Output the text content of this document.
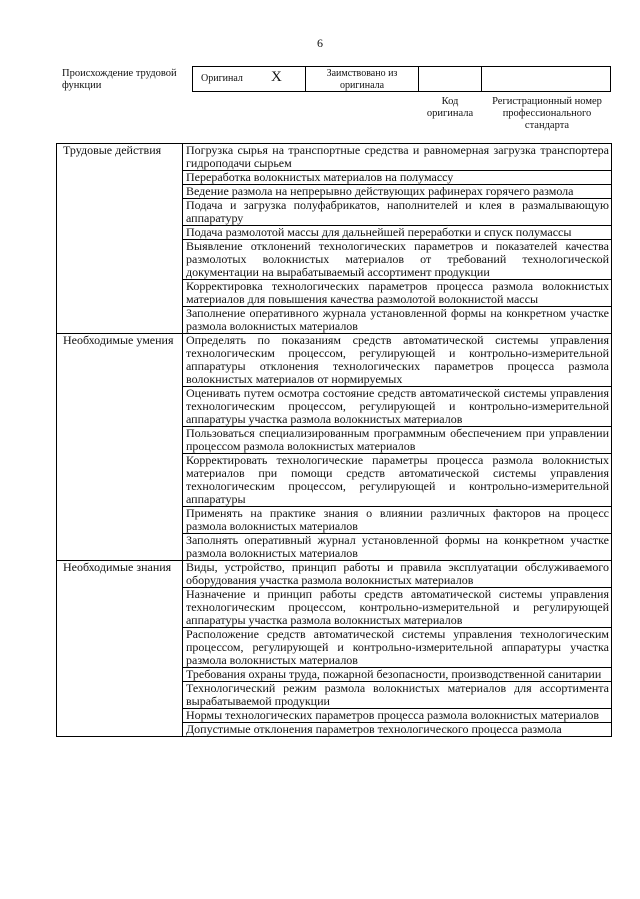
6
Происхождение трудовой функции
Оригинал X	Заимствовано из оригинала
Код оригинала
Регистрационный номер профессионального стандарта
Трудовые действия	Погрузка сырья на транспортные средства и равномерная загрузка транспортера гидроподачи сырьем
	Переработка волокнистых материалов на полумассу
	Ведение размола на непрерывно действующих рафинерах горячего размола
	Подача и загрузка полуфабрикатов, наполнителей и клея в размалывающую аппаратуру
	Подача размолотой массы для дальнейшей переработки и спуск полумассы
	Выявление отклонений технологических параметров и показателей качества размолотых волокнистых материалов от требований технологической документации на вырабатываемый ассортимент продукции
	Корректировка технологических параметров процесса размола волокнистых материалов для повышения качества размолотой волокнистой массы
	Заполнение оперативного журнала установленной формы на конкретном участке размола волокнистых материалов
Необходимые умения	Определять по показаниям средств автоматической системы управления технологическим процессом, регулирующей и контрольно-измерительной аппаратуры отклонения технологических параметров процесса размола волокнистых материалов от нормируемых
	Оценивать путем осмотра состояние средств автоматической системы управления технологическим процессом, регулирующей и контрольно-измерительной аппаратуры участка размола волокнистых материалов
	Пользоваться специализированным программным обеспечением при управлении процессом размола волокнистых материалов
	Корректировать технологические параметры процесса размола волокнистых материалов при помощи средств автоматической системы управления технологическим процессом, регулирующей и контрольно-измерительной аппаратуры
	Применять на практике знания о влиянии различных факторов на процесс размола волокнистых материалов
	Заполнять оперативный журнал установленной формы на конкретном участке размола волокнистых материалов
Необходимые знания	Виды, устройство, принцип работы и правила эксплуатации обслуживаемого оборудования участка размола волокнистых материалов
	Назначение и принцип работы средств автоматической системы управления технологическим процессом, контрольно-измерительной и регулирующей аппаратуры участка размола волокнистых материалов
	Расположение средств автоматической системы управления технологическим процессом, регулирующей и контрольно-измерительной аппаратуры участка размола волокнистых материалов
	Требования охраны труда, пожарной безопасности, производственной санитарии
	Технологический режим размола волокнистых материалов для ассортимента вырабатываемой продукции
	Нормы технологических параметров процесса размола волокнистых материалов
	Допустимые отклонения параметров технологического процесса размола
